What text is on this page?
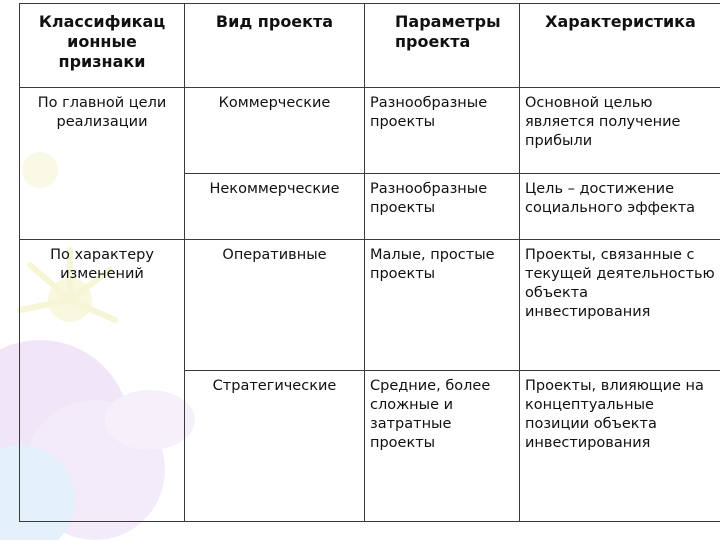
Классификац ионные признаки	Вид проекта	Параметры проекта	Характеристика

По главной цели реализации	Коммерческие	Разнообразные проекты	Основной целью является получение прибыли

	Некоммерческие	Разнообразные проекты	Цель – достижение социального эффекта

По характеру изменений	Оперативные	Малые, простые проекты	Проекты, связанные с текущей деятельностью объекта инвестирования

	Стратегические	Средние, более сложные и затратные проекты	Проекты, влияющие на концептуальные позиции объекта инвестирования
